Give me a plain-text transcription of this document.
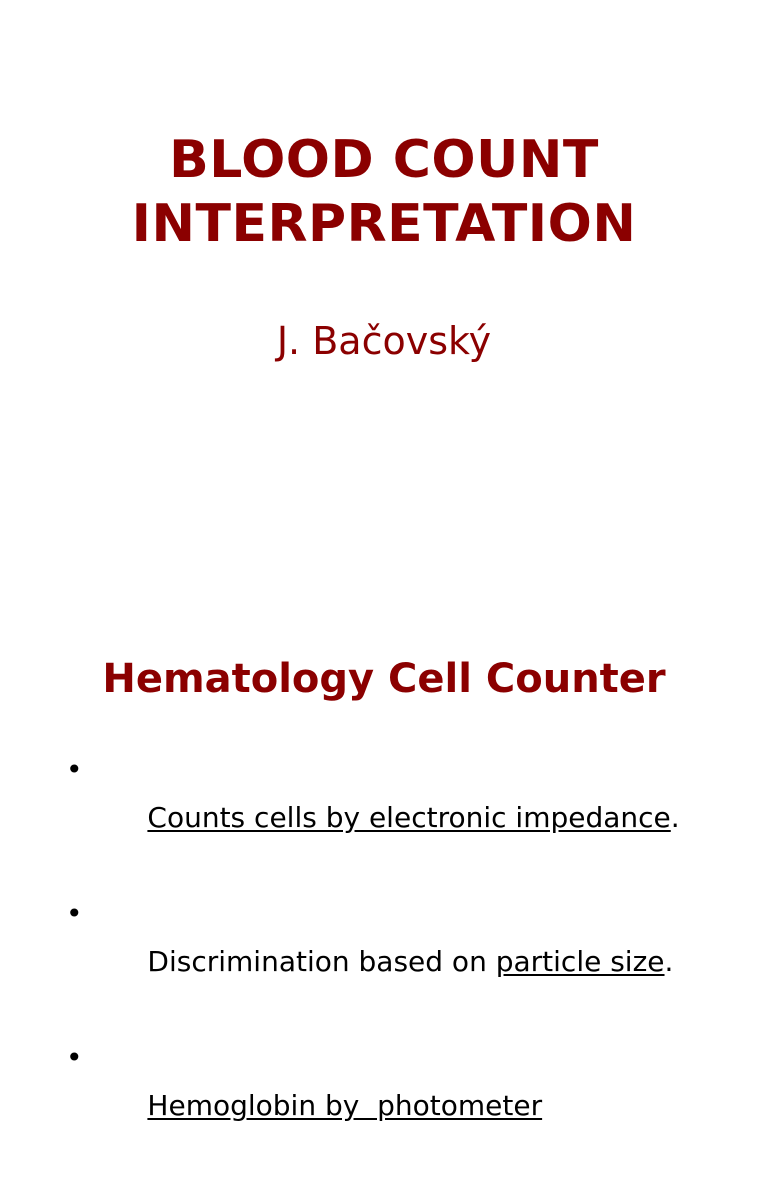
BLOOD COUNT
INTERPRETATION
J. Bačovský
Hematology Cell Counter

•
Counts cells by electronic impedance.

•
Discrimination based on particle size.

•
Hemoglobin by  photometer
